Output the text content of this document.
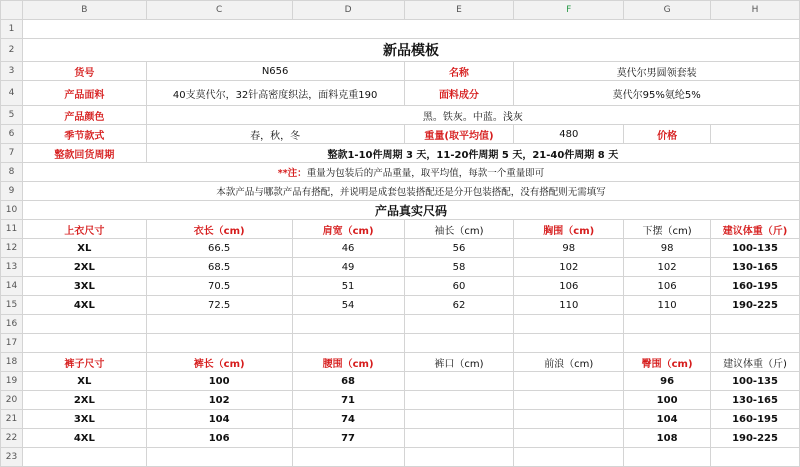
	B	C	D	E	F	G	H
1							
2	新品模板						
3	货号	N656		名称	莫代尔男圆领套装		
4	产品面料	40支莫代尔，32针高密度织法，面料克重190		面料成分	莫代尔95%氨纶5%		
5	产品颜色	黑。铁灰。中蓝。浅灰					
6	季节款式	春，秋，冬		重量(取平均值)	480	价格	
7	整款回货周期	整款1-10件周期 3 天，11-20件周期 5 天，21-40件周期 8 天					
8	**注：重量为包装后的产品重量，取平均值，每款一个重量即可						
9	本款产品与哪款产品有搭配，并说明是成套包装搭配还是分开包装搭配，没有搭配则无需填写						
10	产品真实尺码						
11	上衣尺寸	衣长（cm)	肩宽（cm)	袖长（cm)	胸围（cm)	下摆（cm)	建议体重（斤)
12	XL	66.5	46	56	98	98	100-135
13	2XL	68.5	49	58	102	102	130-165
14	3XL	70.5	51	60	106	106	160-195
15	4XL	72.5	54	62	110	110	190-225
16							
17							
18	裤子尺寸	裤长（cm)	腰围（cm)	裤口（cm)	前浪（cm)	臀围（cm)	建议体重（斤)
19	XL	100	68			96	100-135
20	2XL	102	71			100	130-165
21	3XL	104	74			104	160-195
22	4XL	106	77			108	190-225
23							
